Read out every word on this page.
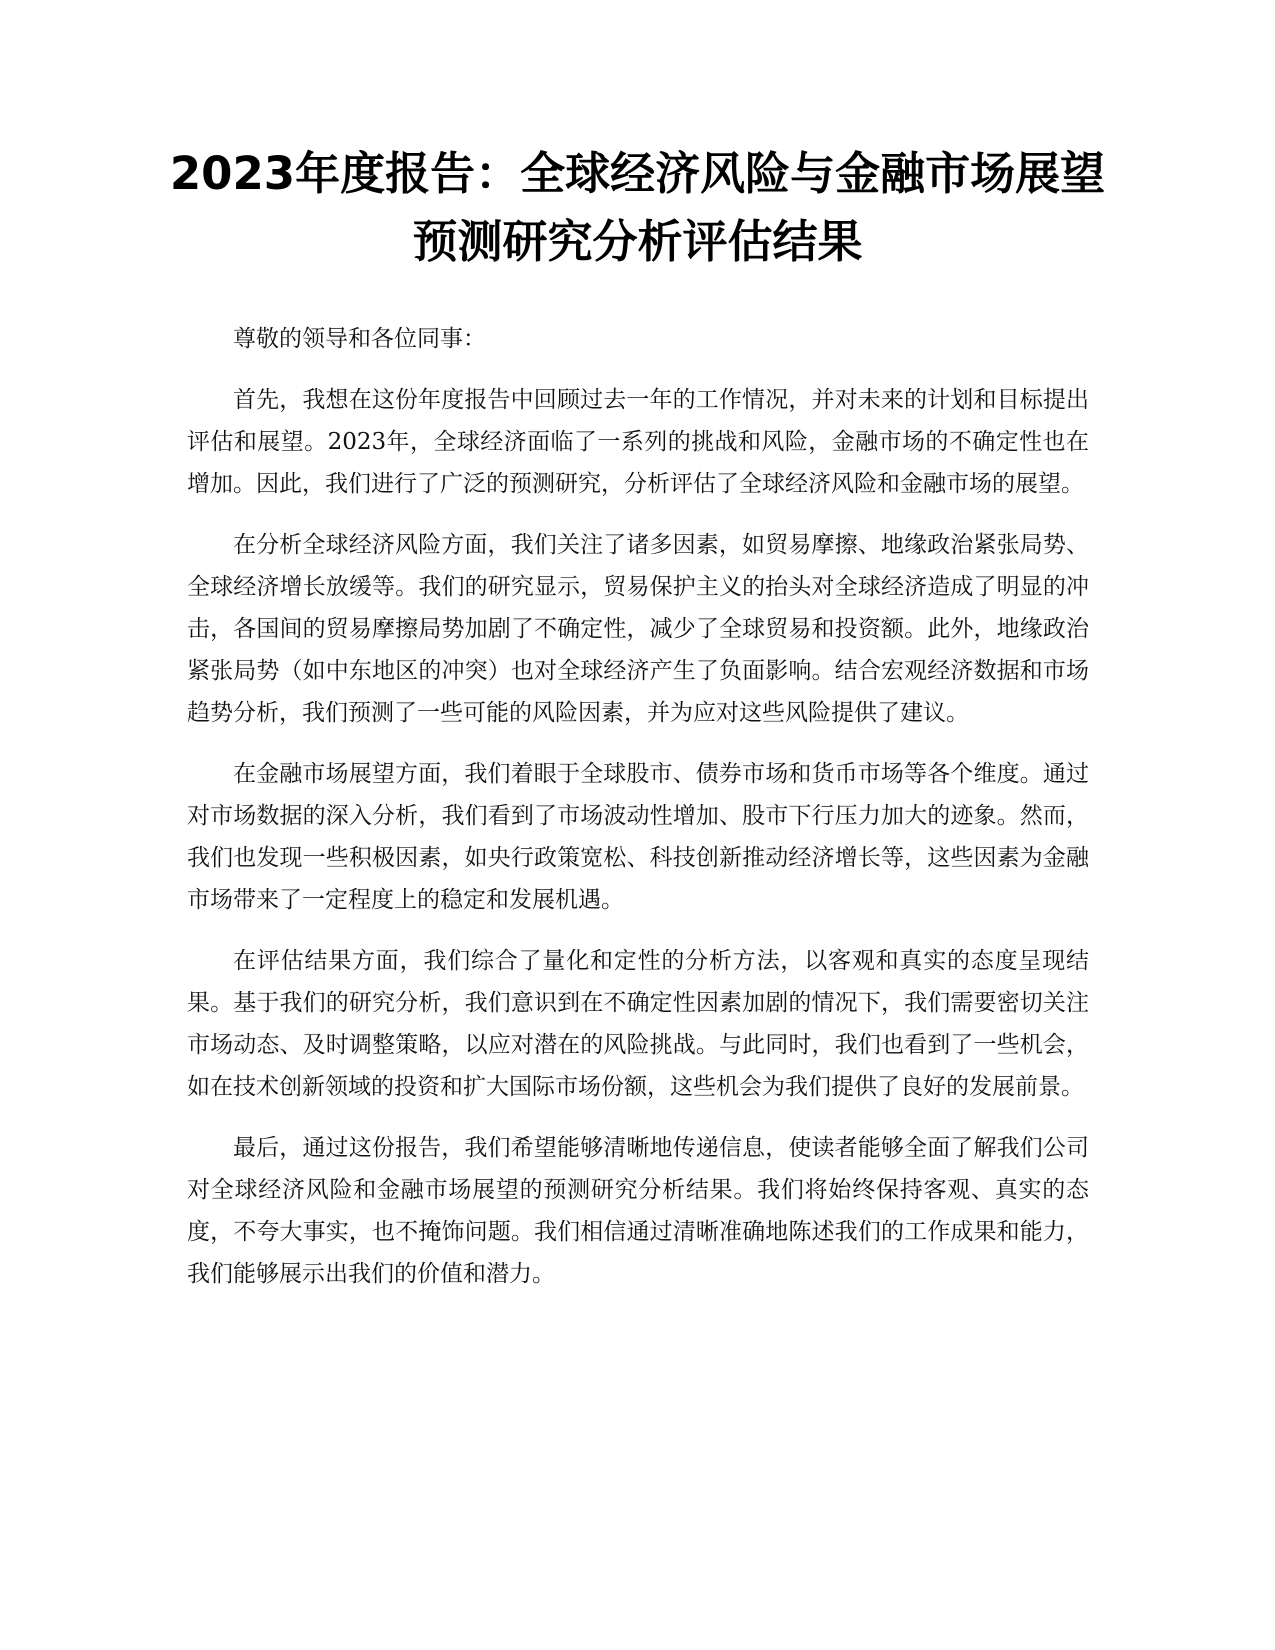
2023年度报告：全球经济风险与金融市场展望预测研究分析评估结果

尊敬的领导和各位同事：

首先，我想在这份年度报告中回顾过去一年的工作情况，并对未来的计划和目标提出评估和展望。2023年，全球经济面临了一系列的挑战和风险，金融市场的不确定性也在增加。因此，我们进行了广泛的预测研究，分析评估了全球经济风险和金融市场的展望。

在分析全球经济风险方面，我们关注了诸多因素，如贸易摩擦、地缘政治紧张局势、全球经济增长放缓等。我们的研究显示，贸易保护主义的抬头对全球经济造成了明显的冲击，各国间的贸易摩擦局势加剧了不确定性，减少了全球贸易和投资额。此外，地缘政治紧张局势（如中东地区的冲突）也对全球经济产生了负面影响。结合宏观经济数据和市场趋势分析，我们预测了一些可能的风险因素，并为应对这些风险提供了建议。

在金融市场展望方面，我们着眼于全球股市、债券市场和货币市场等各个维度。通过对市场数据的深入分析，我们看到了市场波动性增加、股市下行压力加大的迹象。然而，我们也发现一些积极因素，如央行政策宽松、科技创新推动经济增长等，这些因素为金融市场带来了一定程度上的稳定和发展机遇。

在评估结果方面，我们综合了量化和定性的分析方法，以客观和真实的态度呈现结果。基于我们的研究分析，我们意识到在不确定性因素加剧的情况下，我们需要密切关注市场动态、及时调整策略，以应对潜在的风险挑战。与此同时，我们也看到了一些机会，如在技术创新领域的投资和扩大国际市场份额，这些机会为我们提供了良好的发展前景。

最后，通过这份报告，我们希望能够清晰地传递信息，使读者能够全面了解我们公司对全球经济风险和金融市场展望的预测研究分析结果。我们将始终保持客观、真实的态度，不夸大事实，也不掩饰问题。我们相信通过清晰准确地陈述我们的工作成果和能力，我们能够展示出我们的价值和潜力。
